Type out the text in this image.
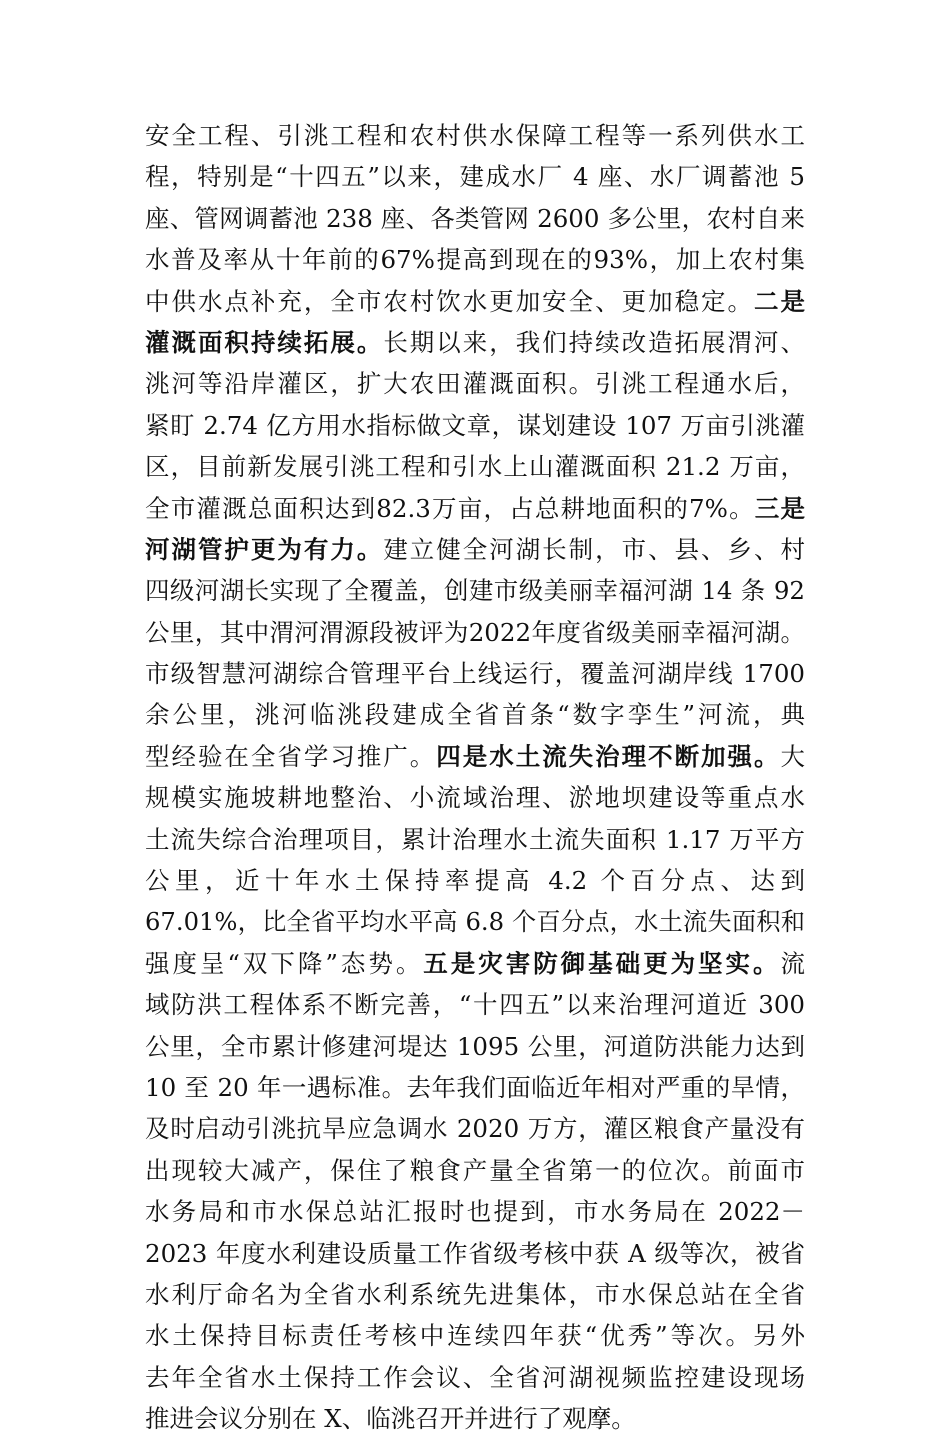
安全工程、引洮工程和农村供水保障工程等一系列供水工
程，特别是“十四五”以来，建成水厂 4 座、水厂调蓄池 5
座、管网调蓄池 238 座、各类管网 2600 多公里，农村自来
水普及率从十年前的67%提高到现在的93%，加上农村集
中供水点补充，全市农村饮水更加安全、更加稳定。二是
灌溉面积持续拓展。长期以来，我们持续改造拓展渭河、
洮河等沿岸灌区，扩大农田灌溉面积。引洮工程通水后，
紧盯 2.74 亿方用水指标做文章，谋划建设 107 万亩引洮灌
区，目前新发展引洮工程和引水上山灌溉面积 21.2 万亩，
全市灌溉总面积达到82.3万亩，占总耕地面积的7%。三是
河湖管护更为有力。建立健全河湖长制，市、县、乡、村
四级河湖长实现了全覆盖，创建市级美丽幸福河湖 14 条 92
公里，其中渭河渭源段被评为2022年度省级美丽幸福河湖。
市级智慧河湖综合管理平台上线运行，覆盖河湖岸线 1700
余公里，洮河临洮段建成全省首条“数字孪生”河流，典
型经验在全省学习推广。四是水土流失治理不断加强。大
规模实施坡耕地整治、小流域治理、淤地坝建设等重点水
土流失综合治理项目，累计治理水土流失面积 1.17 万平方
公里，近十年水土保持率提高 4.2 个百分点、达到
67.01%，比全省平均水平高 6.8 个百分点，水土流失面积和
强度呈“双下降”态势。五是灾害防御基础更为坚实。流
域防洪工程体系不断完善，“十四五”以来治理河道近 300
公里，全市累计修建河堤达 1095 公里，河道防洪能力达到
10 至 20 年一遇标准。去年我们面临近年相对严重的旱情，
及时启动引洮抗旱应急调水 2020 万方，灌区粮食产量没有
出现较大减产，保住了粮食产量全省第一的位次。前面市
水务局和市水保总站汇报时也提到，市水务局在 2022－
2023 年度水利建设质量工作省级考核中获 A 级等次，被省
水利厅命名为全省水利系统先进集体，市水保总站在全省
水土保持目标责任考核中连续四年获“优秀”等次。另外
去年全省水土保持工作会议、全省河湖视频监控建设现场
推进会议分别在 X、临洮召开并进行了观摩。
